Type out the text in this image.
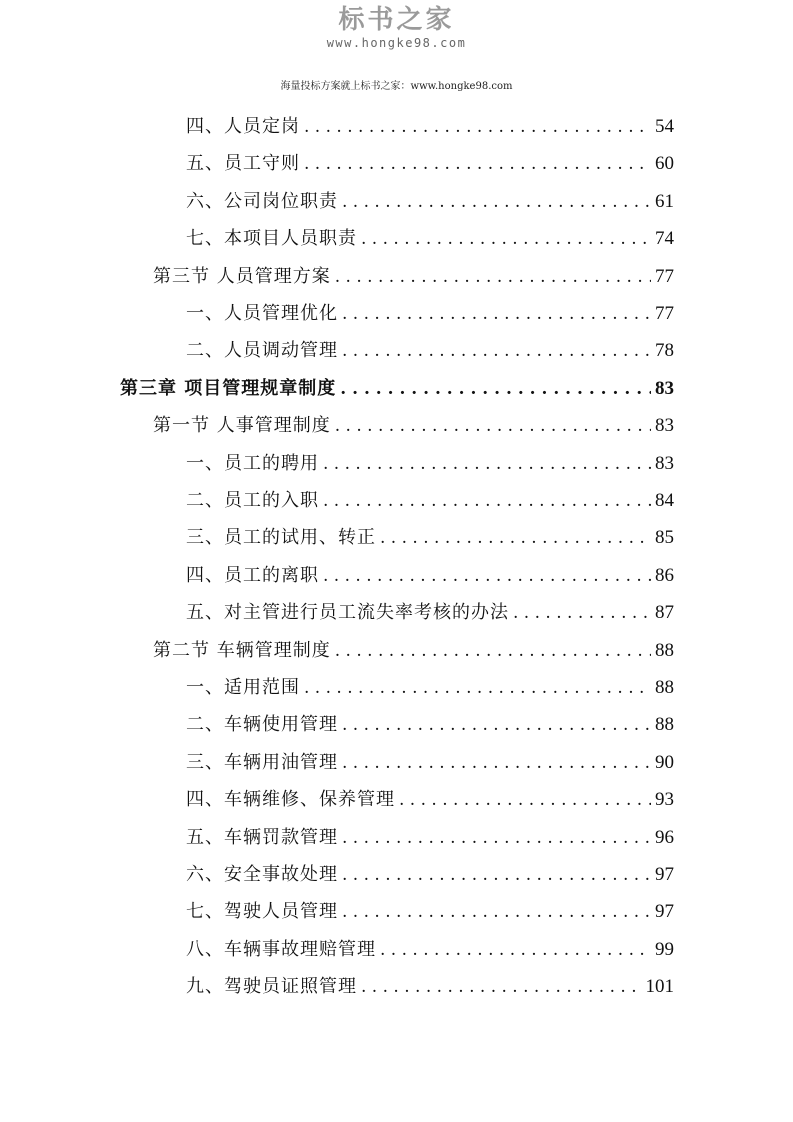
标书之家
www.hongke98.com
海量投标方案就上标书之家：www.hongke98.com
四、人员定岗 . . .	54
五、员工守则 . . .	60
六、公司岗位职责 . . .	61
七、本项目人员职责 . . .	74
第三节 人员管理方案 . . .	77
一、人员管理优化 . . .	77
二、人员调动管理 . . .	78
第三章 项目管理规章制度 . . .	83
第一节 人事管理制度 . . .	83
一、员工的聘用 . . .	83
二、员工的入职 . . .	84
三、员工的试用、转正 . . .	85
四、员工的离职 . . .	86
五、对主管进行员工流失率考核的办法 . . .	87
第二节 车辆管理制度 . . .	88
一、适用范围 . . .	88
二、车辆使用管理 . . .	88
三、车辆用油管理 . . .	90
四、车辆维修、保养管理 . . .	93
五、车辆罚款管理 . . .	96
六、安全事故处理 . . .	97
七、驾驶人员管理 . . .	97
八、车辆事故理赔管理 . . .	99
九、驾驶员证照管理 . . .	101
